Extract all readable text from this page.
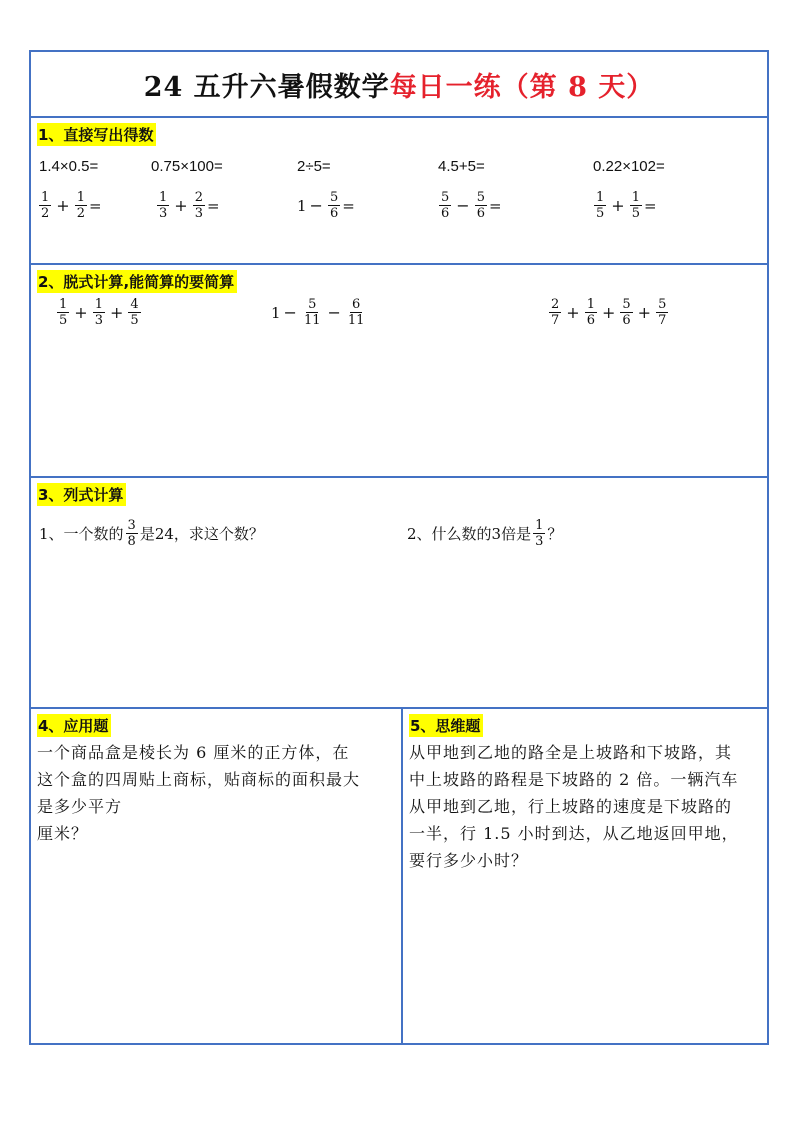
24 五升六暑假数学 每日一练（第 8 天）
1、直接写出得数
1.4×0.5=	0.75×100=	2÷5=	4.5+5=	0.22×102=
$\frac{1}{2} + \frac{1}{2}$ =	$\frac{1}{3} + \frac{2}{3}$ =	$1 - \frac{5}{6}$ =	$\frac{5}{6} - \frac{5}{6}$ =	$\frac{1}{5} + \frac{1}{5}$ =
2、脱式计算,能简算的要简算
$\frac{1}{5} + \frac{1}{3} + \frac{4}{5}$	$1 - \frac{5}{11} - \frac{6}{11}$	$\frac{2}{7} + \frac{1}{6} + \frac{5}{6} + \frac{5}{7}$
3、列式计算
1、一个数的 $\frac{3}{8}$ 是24，求这个数？	2、什么数的3倍是 $\frac{1}{3}$ ？
4、应用题
一个商品盒是棱长为 6 厘米的正方体，在
这个盒的四周贴上商标，贴商标的面积最大
是多少平方
厘米？
5、思维题
从甲地到乙地的路全是上坡路和下坡路，其
中上坡路的路程是下坡路的 2 倍。一辆汽车
从甲地到乙地，行上坡路的速度是下坡路的
一半，行 1.5 小时到达，从乙地返回甲地，
要行多少小时？
